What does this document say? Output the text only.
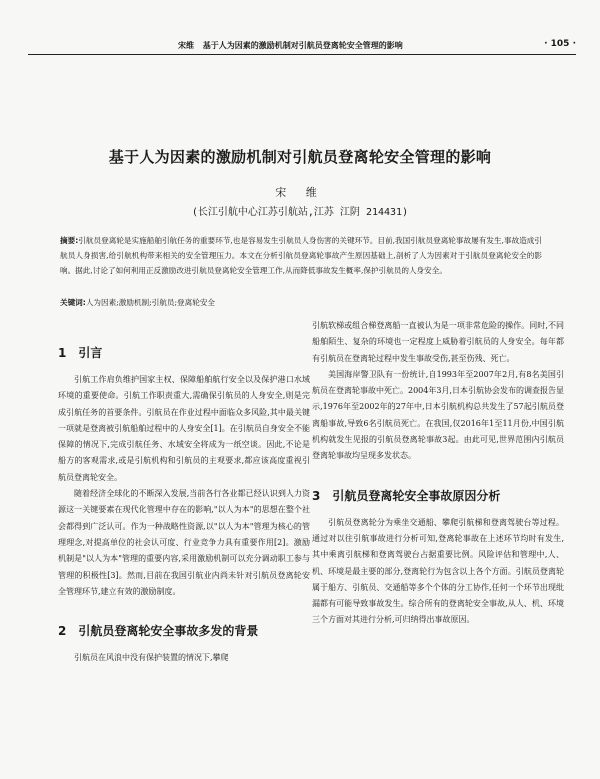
宋维 基于人为因素的激励机制对引航员登离轮安全管理的影响	· 105 ·
基于人为因素的激励机制对引航员登离轮安全管理的影响
宋 维
(长江引航中心江苏引航站,江苏 江阴 214431)
摘要:引航员登离轮是实施船舶引航任务的重要环节,也是容易发生引航员人身伤害的关键环节。目前,我国引航员登离轮事故屡有发生,事故造成引航员人身损害,给引航机构带来相关的安全管理压力。本文在分析引航员登离轮事故产生原因基础上,剖析了人为因素对于引航员登离轮安全的影响。据此,讨论了如何利用正反激励改进引航员登离轮安全管理工作,从而降低事故发生概率,保护引航员的人身安全。
关键词:人为因素;激励机制;引航员;登离轮安全
1 引言

引航工作肩负维护国家主权、保障船舶航行安全以及保护港口水域环境的重要使命。引航工作职责重大,需确保引航员的人身安全,则是完成引航任务的首要条件。引航员在作业过程中面临众多风险,其中最关键一项就是登离被引航船舶过程中的人身安全[1]。在引航员自身安全不能保障的情况下,完成引航任务、水域安全将成为一纸空谈。因此,不论是船方的客观需求,或是引航机构和引航员的主观要求,都应该高度重视引航员登离轮安全。

随着经济全球化的不断深入发展,当前各行各业都已经认识到人力资源这一关键要素在现代化管理中存在的影响,"以人为本"的思想在整个社会都得到广泛认可。作为一种战略性资源,以"以人为本"管理为核心的管理理念,对提高单位的社会认可度、行业竞争力具有重要作用[2]。激励机制是"以人为本"管理的重要内容,采用激励机制可以充分调动职工参与管理的积极性[3]。然而,目前在我国引航业内尚未针对引航员登离轮安全管理环节,建立有效的激励制度。

2 引航员登离轮安全事故多发的背景

引航员在风浪中没有保护装置的情况下,攀爬

引航软梯或组合梯登离船一直被认为是一项非常危险的操作。同时,不同船舶陌生、复杂的环境也一定程度上威胁着引航员的人身安全。每年都有引航员在登离轮过程中发生事故受伤,甚至伤残、死亡。

美国海岸警卫队有一份统计,自1993年至2007年2月,有8名美国引航员在登离轮事故中死亡。2004年3月,日本引航协会发布的调查报告显示,1976年至2002年的27年中,日本引航机构总共发生了57起引航员登离船事故,导致6名引航员死亡。在我国,仅2016年1至11月份,中国引航机构就发生见报的引航员登离轮事故3起。由此可见,世界范围内引航员登离轮事故均呈现多发状态。

3 引航员登离轮安全事故原因分析

引航员登离轮分为乘坐交通船、攀爬引航梯和登离驾驶台等过程。通过对以往引航事故进行分析可知,登离轮事故在上述环节均时有发生,其中乘离引航梯和登离驾驶台占据重要比例。风险评估和管理中,人、机、环境是最主要的部分,登离轮行为包含以上各个方面。引航员登离轮属于船方、引航员、交通船等多个个体的分工协作,任何一个环节出现纰漏都有可能导致事故发生。综合所有的登离轮安全事故,从人、机、环境三个方面对其进行分析,可归纳得出事故原因。
